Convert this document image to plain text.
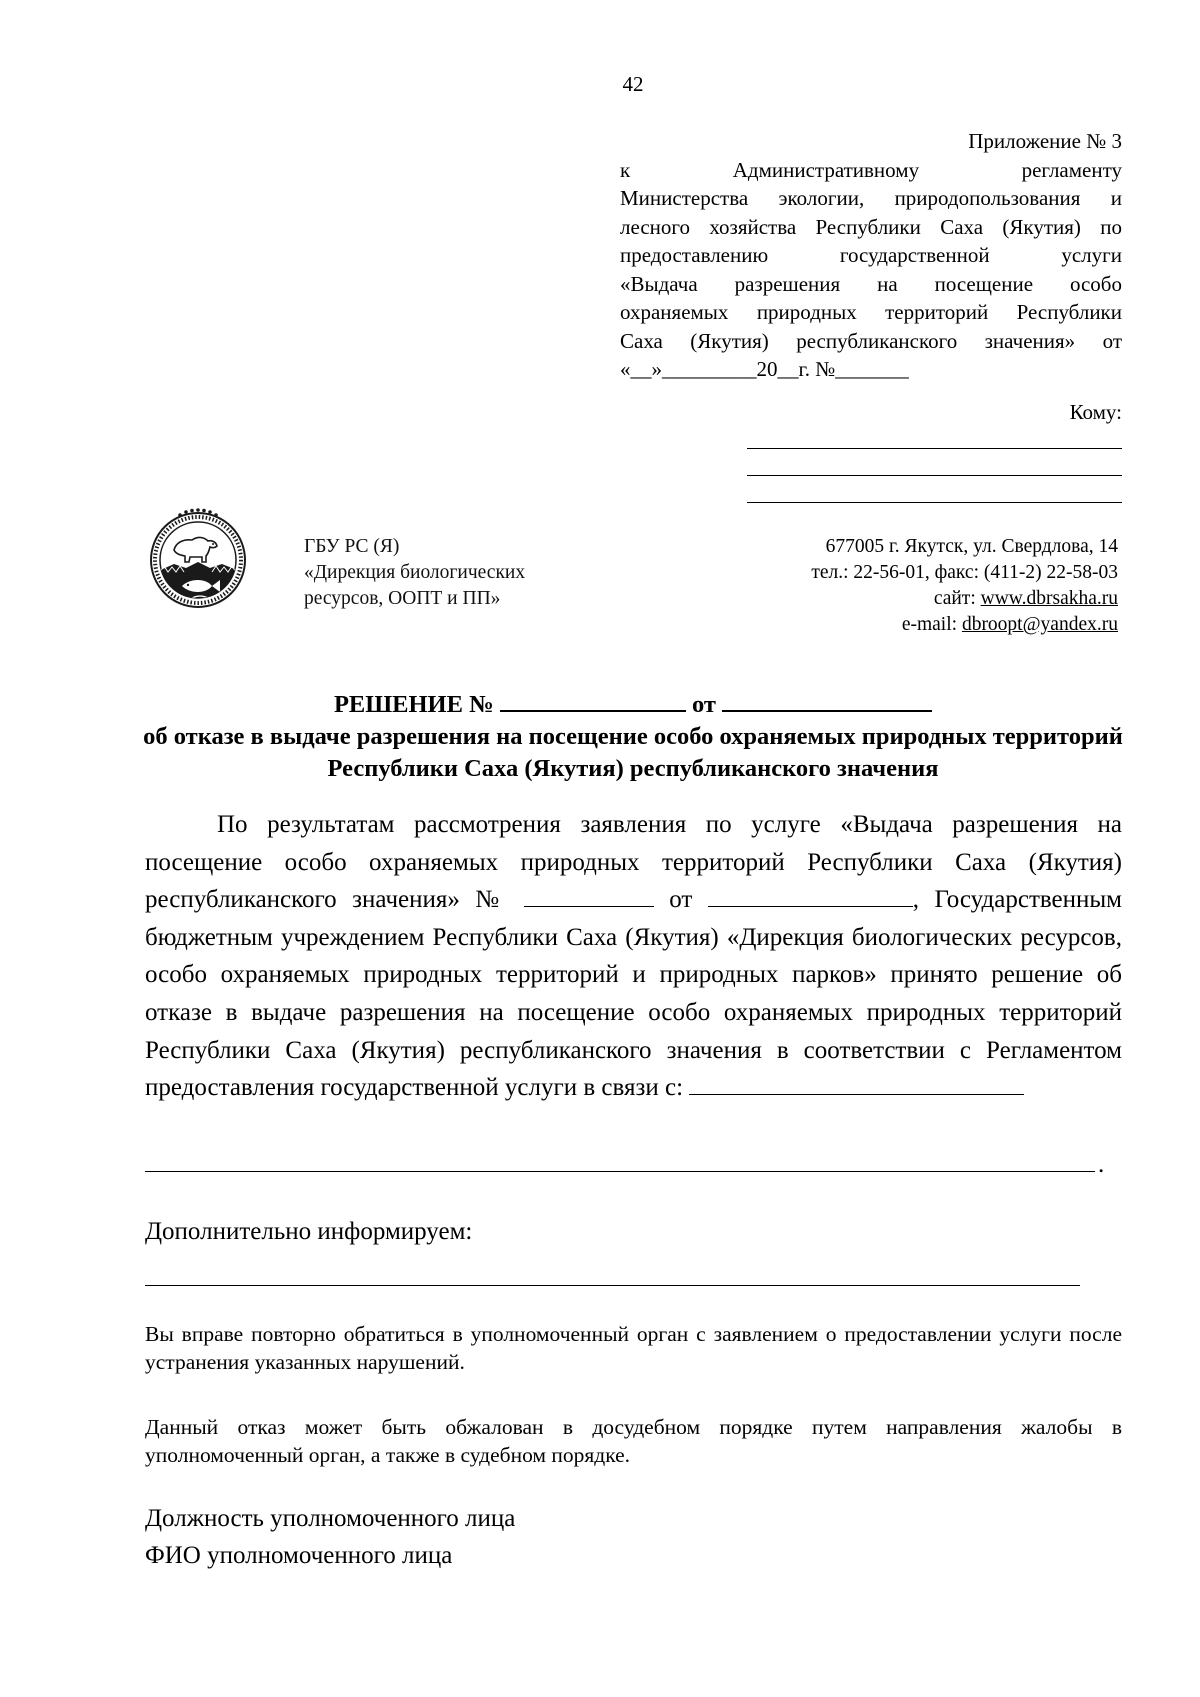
42
Приложение № 3
к Административному регламенту
Министерства экологии, природопользования и
лесного хозяйства Республики Саха (Якутия) по
предоставлению государственной услуги
«Выдача разрешения на посещение особо
охраняемых природных территорий Республики
Саха (Якутия) республиканского значения» от
«__»_________20__г. №_______
Кому:
ГБУ РС (Я)
«Дирекция биологических
ресурсов, ООПТ и ПП»
677005 г. Якутск, ул. Свердлова, 14
тел.: 22-56-01, факс: (411-2) 22-58-03
сайт: www.dbrsakha.ru
e-mail: dbroopt@yandex.ru
РЕШЕНИЕ №	от
об отказе в выдаче разрешения на посещение особо охраняемых природных территорий Республики Саха (Якутия) республиканского значения
По результатам рассмотрения заявления по услуге «Выдача разрешения на посещение особо охраняемых природных территорий Республики Саха (Якутия) республиканского значения» №	от	, Государственным бюджетным учреждением Республики Саха (Якутия) «Дирекция биологических ресурсов, особо охраняемых природных территорий и природных парков» принято решение об отказе в выдаче разрешения на посещение особо охраняемых природных территорий Республики Саха (Якутия) республиканского значения в соответствии с Регламентом предоставления государственной услуги в связи с:
.
Дополнительно информируем:
Вы вправе повторно обратиться в уполномоченный орган с заявлением о предоставлении услуги после устранения указанных нарушений.
Данный отказ может быть обжалован в досудебном порядке путем направления жалобы в уполномоченный орган, а также в судебном порядке.
Должность уполномоченного лица
ФИО уполномоченного лица
